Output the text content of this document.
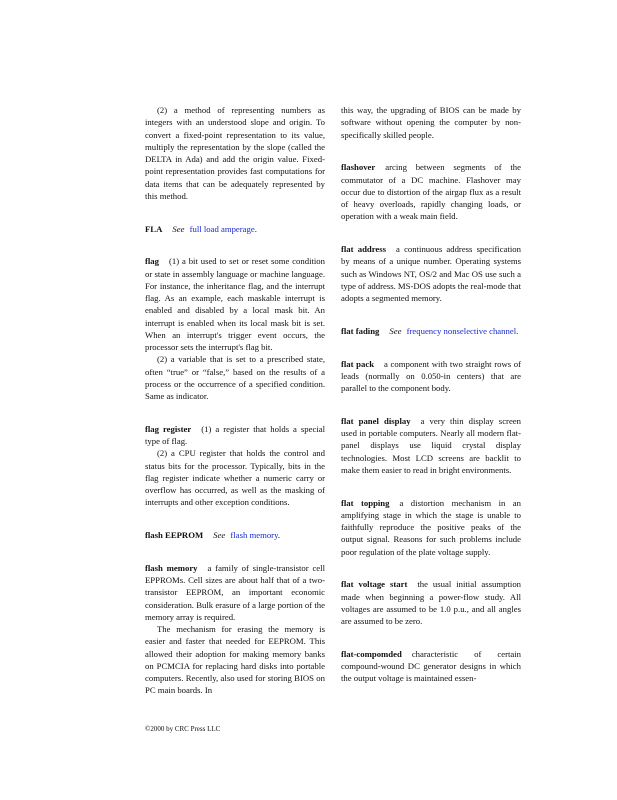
(2) a method of representing numbers as integers with an understood slope and origin. To convert a fixed-point representation to its value, multiply the representation by the slope (called the DELTA in Ada) and add the origin value. Fixed-point representation provides fast computations for data items that can be adequately represented by this method.

FLA See full load amperage.

flag (1) a bit used to set or reset some condition or state in assembly language or machine language. For instance, the inheritance flag, and the interrupt flag. As an example, each maskable interrupt is enabled and disabled by a local mask bit. An interrupt is enabled when its local mask bit is set. When an interrupt's trigger event occurs, the processor sets the interrupt's flag bit.

(2) a variable that is set to a prescribed state, often “true” or “false,” based on the results of a process or the occurrence of a specified condition. Same as indicator.

flag register (1) a register that holds a special type of flag.

(2) a CPU register that holds the control and status bits for the processor. Typically, bits in the flag register indicate whether a numeric carry or overflow has occurred, as well as the masking of interrupts and other exception conditions.

flash EEPROM See flash memory.

flash memory a family of single-transistor cell EPPROMs. Cell sizes are about half that of a two-transistor EEPROM, an important economic consideration. Bulk erasure of a large portion of the memory array is required.

The mechanism for erasing the memory is easier and faster that needed for EEPROM. This allowed their adoption for making memory banks on PCMCIA for replacing hard disks into portable computers. Recently, also used for storing BIOS on PC main boards. In

this way, the upgrading of BIOS can be made by software without opening the computer by non-specifically skilled people.

flashover arcing between segments of the commutator of a DC machine. Flashover may occur due to distortion of the airgap flux as a result of heavy overloads, rapidly changing loads, or operation with a weak main field.

flat address a continuous address specification by means of a unique number. Operating systems such as Windows NT, OS/2 and Mac OS use such a type of address. MS-DOS adopts the real-mode that adopts a segmented memory.

flat fading See frequency nonselective channel.

flat pack a component with two straight rows of leads (normally on 0.050-in centers) that are parallel to the component body.

flat panel display a very thin display screen used in portable computers. Nearly all modern flat-panel displays use liquid crystal display technologies. Most LCD screens are backlit to make them easier to read in bright environments.

flat topping a distortion mechanism in an amplifying stage in which the stage is unable to faithfully reproduce the positive peaks of the output signal. Reasons for such problems include poor regulation of the plate voltage supply.

flat voltage start the usual initial assumption made when beginning a power-flow study. All voltages are assumed to be 1.0 p.u., and all angles are assumed to be zero.

flat-compomded characteristic of certain compound-wound DC generator designs in which the output voltage is maintained essen-

©2000 by CRC Press LLC
